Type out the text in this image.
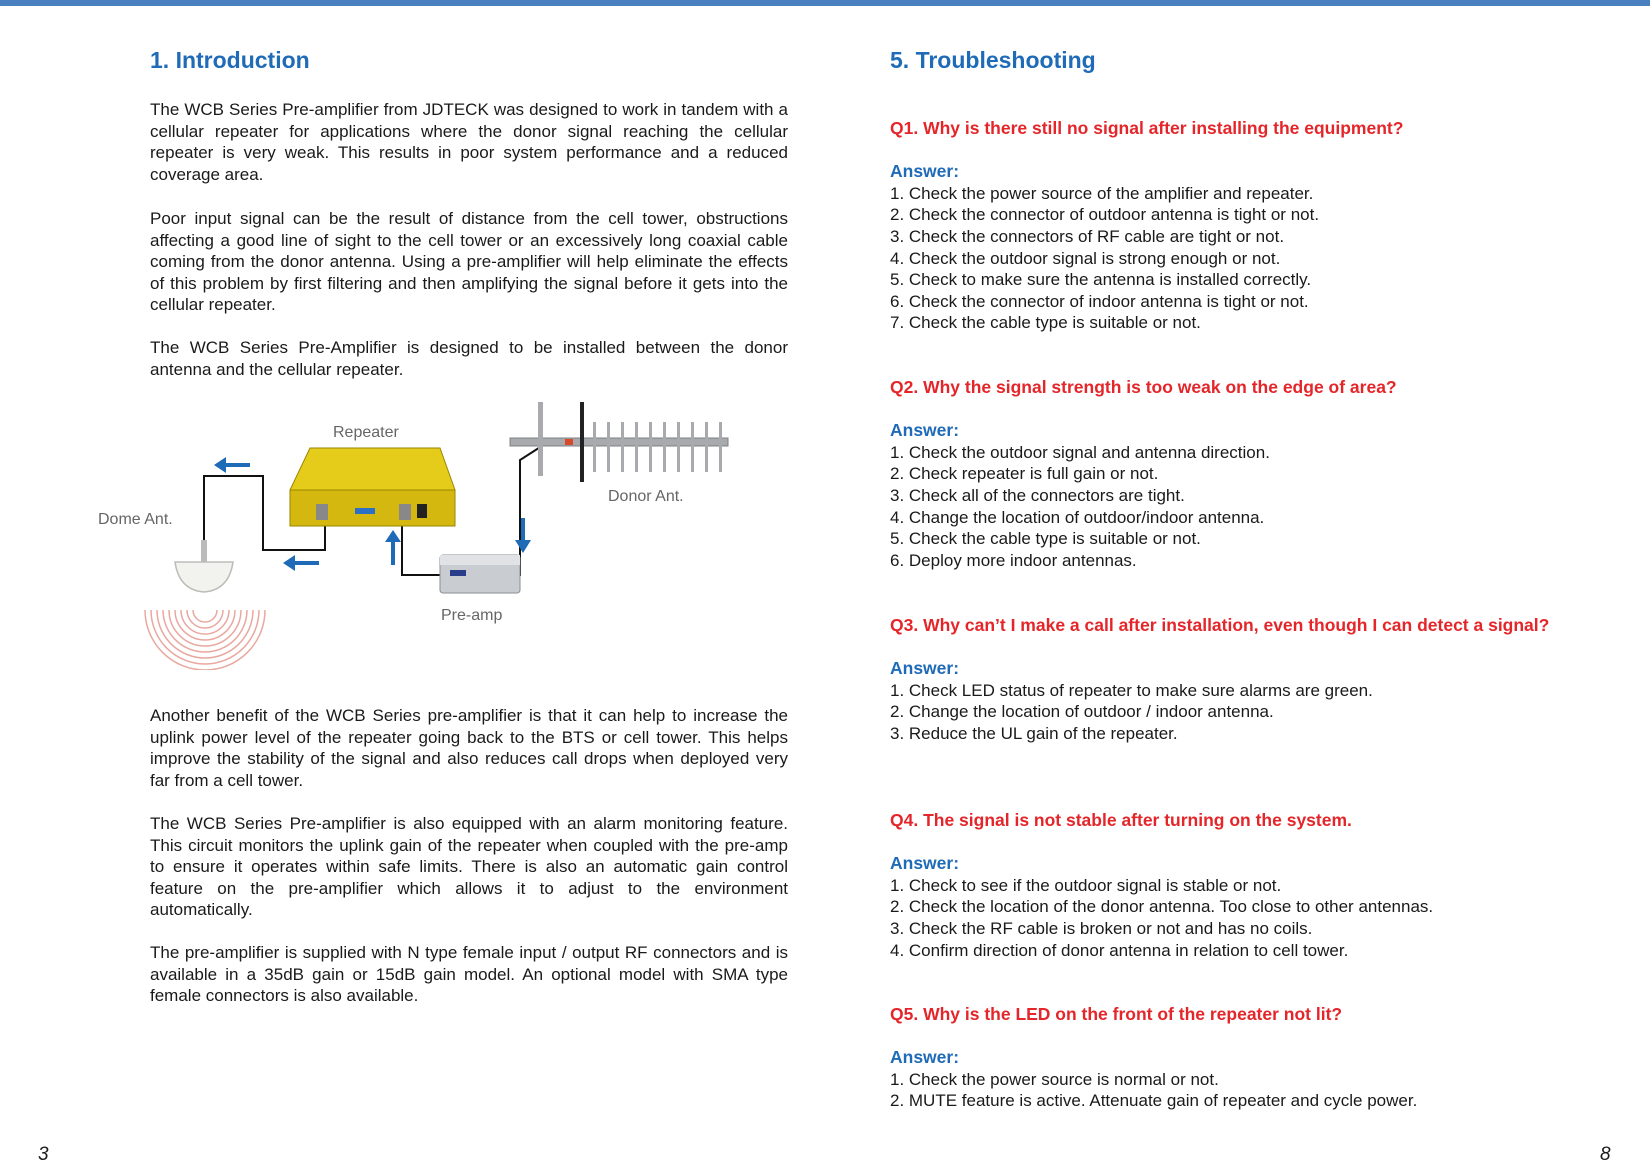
1. Introduction

The WCB Series Pre-amplifier from JDTECK was designed to work in tandem with a cellular repeater for applications where the donor signal reaching the cellular repeater is very weak. This results in poor system performance and a reduced coverage area.

Poor input signal can be the result of distance from the cell tower, obstructions affecting a good line of sight to the cell tower or an excessively long coaxial cable coming from the donor antenna. Using a pre-amplifier will help eliminate the effects of this problem by first filtering and then amplifying the signal before it gets into the cellular repeater.

The WCB Series Pre-Amplifier is designed to be installed between the donor antenna and the cellular repeater.

Another benefit of the WCB Series pre-amplifier is that it can help to increase the uplink power level of the repeater going back to the BTS or cell tower. This helps improve the stability of the signal and also reduces call drops when deployed very far from a cell tower.

The WCB Series Pre-amplifier is also equipped with an alarm monitoring feature. This circuit monitors the uplink gain of the repeater when coupled with the pre-amp to ensure it operates within safe limits. There is also an automatic gain control feature on the pre-amplifier which allows it to adjust to the environment automatically.

The pre-amplifier is supplied with N type female input / output RF connectors and is available in a 35dB gain or 15dB gain model. An optional model with SMA type female connectors is also available.

Dome Ant.
Repeater
Pre-amp
Donor Ant.
5. Troubleshooting

Q1. Why is there still no signal after installing the equipment?

Answer:

1. Check the power source of the amplifier and repeater.
2. Check the connector of outdoor antenna is tight or not.
3. Check the connectors of RF cable are tight or not.
4. Check the outdoor signal is strong enough or not.
5. Check to make sure the antenna is installed correctly.
6. Check the connector of indoor antenna is tight or not.
7. Check the cable type is suitable or not.

Q2. Why the signal strength is too weak on the edge of area?

Answer:

1. Check the outdoor signal and antenna direction.
2. Check repeater is full gain or not.
3. Check all of the connectors are tight.
4. Change the location of outdoor/indoor antenna.
5. Check the cable type is suitable or not.
6. Deploy more indoor antennas.

Q3. Why can’t I make a call after installation, even though I can detect a signal?

Answer:

1. Check LED status of repeater to make sure alarms are green.
2. Change the location of outdoor / indoor antenna.
3. Reduce the UL gain of the repeater.

Q4. The signal is not stable after turning on the system.

Answer:

1. Check to see if the outdoor signal is stable or not.
2. Check the location of the donor antenna. Too close to other antennas.
3. Check the RF cable is broken or not and has no coils.
4. Confirm direction of donor antenna in relation to cell tower.

Q5. Why is the LED on the front of the repeater not lit?

Answer:

1. Check the power source is normal or not.
2. MUTE feature is active. Attenuate gain of repeater and cycle power.
3	8
